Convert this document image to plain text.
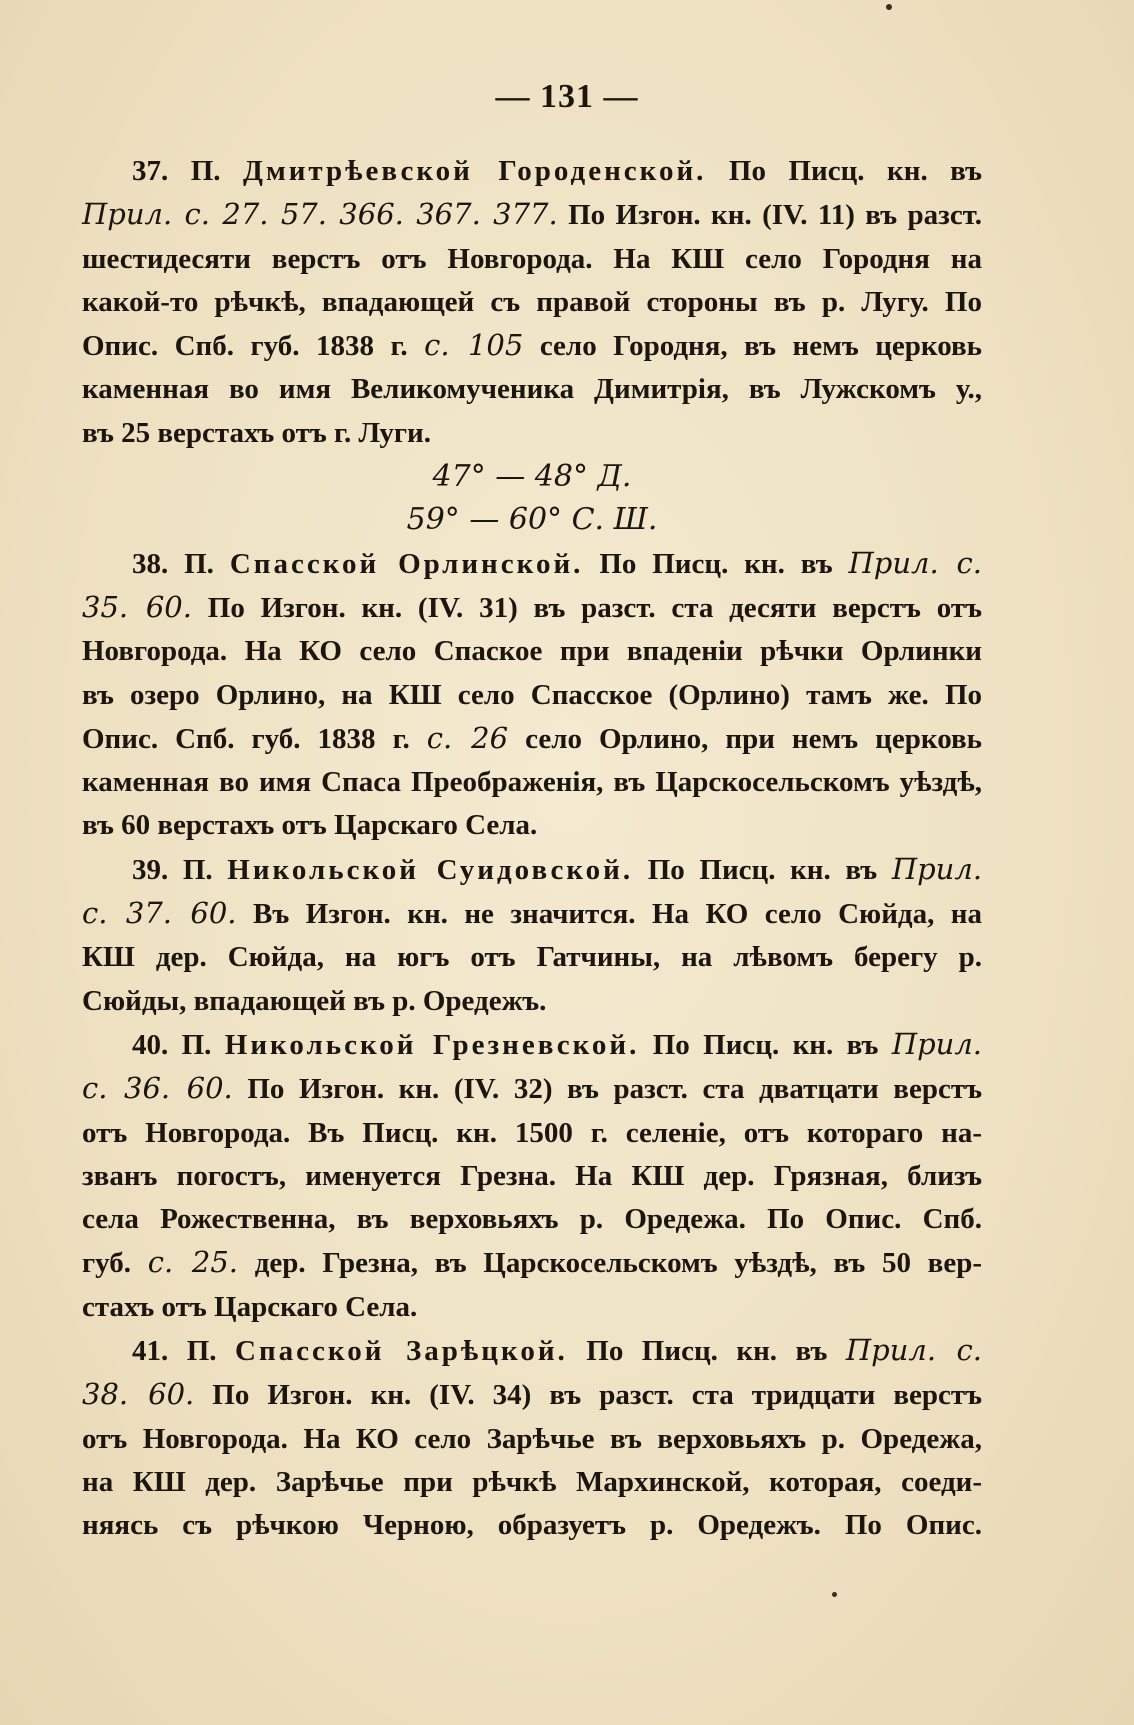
— 131 —
37. П. Дмитрѣевской Городенской. По Писц. кн. въ
Прил. с. 27. 57. 366. 367. 377. По Изгон. кн. (IV. 11) въ разст.
шестидесяти верстъ отъ Новгорода. На КШ село Городня на
какой-то рѣчкѣ, впадающей съ правой стороны въ р. Лугу. По
Опис. Спб. губ. 1838 г. с. 105 село Городня, въ немъ церковь
каменная во имя Великомученика Димитрія, въ Лужскомъ у.,
въ 25 верстахъ отъ г. Луги.
47° — 48° Д.
59° — 60° С. Ш.
38. П. Спасской Орлинской. По Писц. кн. въ Прил. с.
35. 60. По Изгон. кн. (IV. 31) въ разст. ста десяти верстъ отъ
Новгорода. На КО село Спаское при впаденіи рѣчки Орлинки
въ озеро Орлино, на КШ село Спасское (Орлино) тамъ же. По
Опис. Спб. губ. 1838 г. с. 26 село Орлино, при немъ церковь
каменная во имя Спаса Преображенія, въ Царскосельскомъ уѣздѣ,
въ 60 верстахъ отъ Царскаго Села.
39. П. Никольской Суидовской. По Писц. кн. въ Прил.
с. 37. 60. Въ Изгон. кн. не значится. На КО село Сюйда, на
КШ дер. Сюйда, на югъ отъ Гатчины, на лѣвомъ берегу р.
Сюйды, впадающей въ р. Оредежъ.
40. П. Никольской Грезневской. По Писц. кн. въ Прил.
с. 36. 60. По Изгон. кн. (IV. 32) въ разст. ста дватцати верстъ
отъ Новгорода. Въ Писц. кн. 1500 г. селеніе, отъ котораго на-
званъ погостъ, именуется Грезна. На КШ дер. Грязная, близъ
села Рожественна, въ верховьяхъ р. Оредежа. По Опис. Спб.
губ. с. 25. дер. Грезна, въ Царскосельскомъ уѣздѣ, въ 50 вер-
стахъ отъ Царскаго Села.
41. П. Спасской Зарѣцкой. По Писц. кн. въ Прил. с.
38. 60. По Изгон. кн. (IV. 34) въ разст. ста тридцати верстъ
отъ Новгорода. На КО село Зарѣчье въ верховьяхъ р. Оредежа,
на КШ дер. Зарѣчье при рѣчкѣ Мархинской, которая, соеди-
няясь съ рѣчкою Черною, образуетъ р. Оредежъ. По Опис.
